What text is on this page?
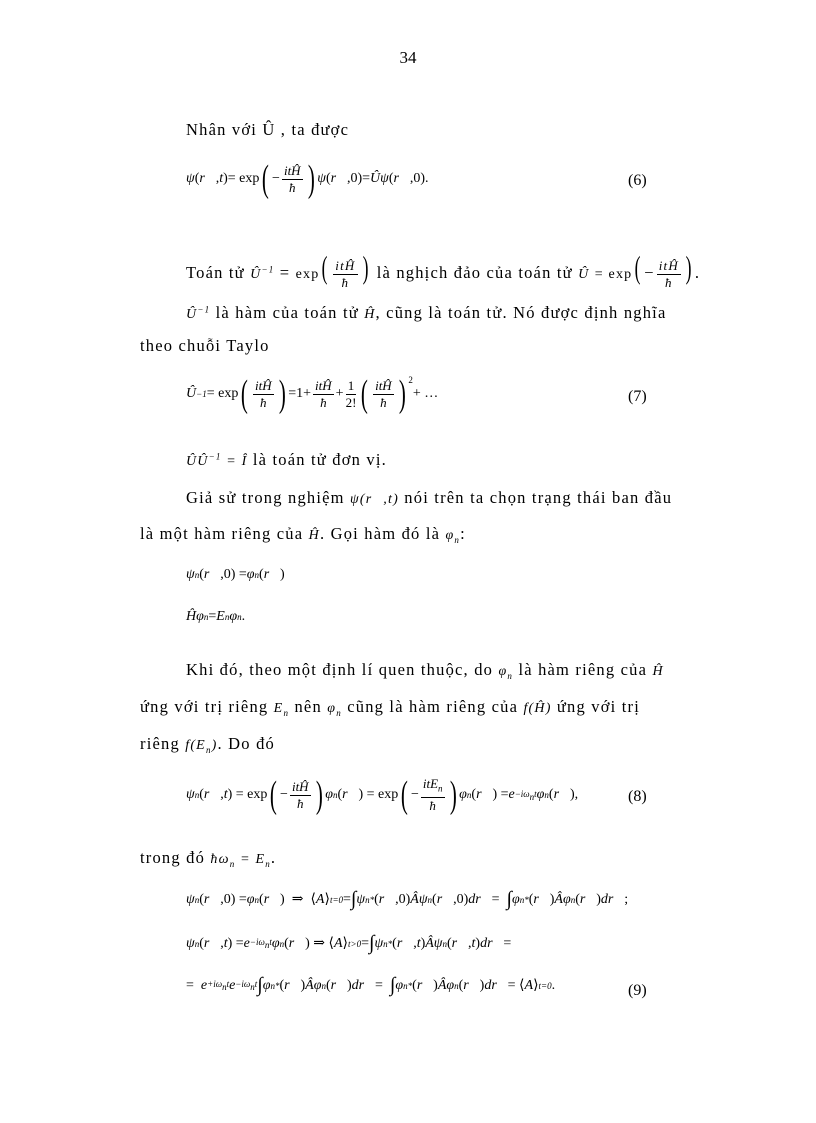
34
Nhân với Û , ta được
ψ ( r⃗ , t )= exp ( − $\frac{\text{itĤ}}{ħ}$ ) ψ ( r⃗ ,0)= Ûψ ( r⃗ ,0).	(6)
Toán tử $Û^{-1} = \exp( \frac{\text{itĤ}}{ħ}$ ) là nghịch đảo của toán tử Û = $\exp( - \frac{\text{itĤ}}{ħ}$ ) .
$Û^{-1}$ là hàm của toán tử Ĥ, cũng là toán tử. Nó được định nghĩa
theo chuỗi Taylo
Û −1 = exp ( $\frac{\text{itĤ}}{ħ}$ ) $=1+ \frac{\text{itĤ}}{ħ} + \frac{1}{2!}$ ( $\frac{\text{itĤ}}{ħ}$ ) $^2$
+ …	(7)
$ÛÛ^{-1}$ = Î là toán tử đơn vị.
Giả sử trong nghiệm ψ(r⃗,t) nói trên ta chọn trạng thái ban đầu
là một hàm riêng của Ĥ. Gọi hàm đó là $\varphi_n$:
ψ n ( r⃗ ,0) = φ n ( r⃗ )
Ĥφ n = E n φ n .
Khi đó, theo một định lí quen thuộc, do $\varphi_n$ là hàm riêng của Ĥ
ứng với trị riêng $E_n$ nên $\varphi_n$ cũng là hàm riêng của f(Ĥ) ứng với trị
riêng $f(E_n)$. Do đó
ψ n ( r⃗ , t ) = exp ( − $\frac{\text{itĤ}}{ħ}$ ) φ n ( r⃗ ) = exp ( − $\frac{itE_n}{ħ}$ ) φ n ( r⃗ ) = $e -i\omega_nt$ φ n ( r⃗ ),	(8)
trong đó $ħ\omega_n = E_n$.
ψ n ( r⃗ ,0) = φ n ( r⃗ )  ⇒  ⟨ A ⟩ t=0 = ∫ ψ n * ( r⃗ ,0) Âψ n ( r⃗ ,0) dr⃗ = ∫ φ n * ( r⃗ ) Âφ n ( r⃗ ) dr⃗ ;
ψ n ( r⃗ , t ) = $e -i\omega_nt$ φ n ( r⃗ ) ⇒ ⟨ A ⟩ t>0 = ∫ ψ n * ( r⃗ , t ) Âψ n ( r⃗ , t ) dr⃗ =
= $e +i\omega_nt$ $e -i\omega_nt$ ∫ φ n * ( r⃗ ) Âφ n ( r⃗ ) dr⃗ = ∫ φ n * ( r⃗ ) Âφ n ( r⃗ ) dr⃗ = ⟨ A ⟩ t=0 .	(9)
